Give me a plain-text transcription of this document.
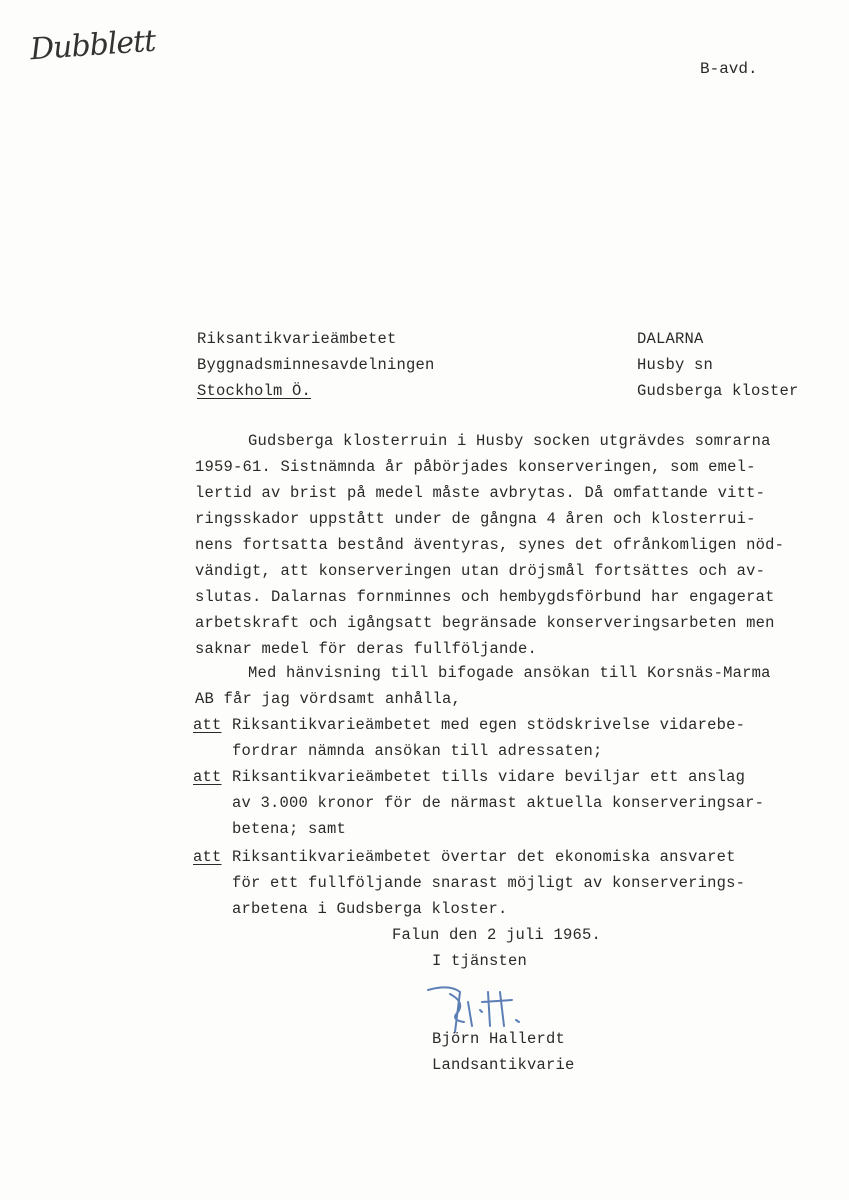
Dubblett
B-avd.
Riksantikvarieämbetet
Byggnadsminnesavdelningen
Stockholm Ö.
DALARNA
Husby sn
Gudsberga kloster
Gudsberga klosterruin i Husby socken utgrävdes somrarna
1959-61. Sistnämnda år påbörjades konserveringen, som emel-
lertid av brist på medel måste avbrytas. Då omfattande vitt-
ringsskador uppstått under de gångna 4 åren och klosterrui-
nens fortsatta bestånd äventyras, synes det ofrånkomligen nöd-
vändigt, att konserveringen utan dröjsmål fortsättes och av-
slutas. Dalarnas fornminnes och hembygdsförbund har engagerat
arbetskraft och igångsatt begränsade konserveringsarbeten men
saknar medel för deras fullföljande.
Med hänvisning till bifogade ansökan till Korsnäs-Marma
AB får jag vördsamt anhålla,
att Riksantikvarieämbetet med egen stödskrivelse vidarebe-
fordrar nämnda ansökan till adressaten;
att Riksantikvarieämbetet tills vidare beviljar ett anslag
av 3.000 kronor för de närmast aktuella konserveringsar-
betena; samt
att Riksantikvarieämbetet övertar det ekonomiska ansvaret
för ett fullföljande snarast möjligt av konserverings-
arbetena i Gudsberga kloster.
Falun den 2 juli 1965.
I tjänsten
Björn Hallerdt
Landsantikvarie
